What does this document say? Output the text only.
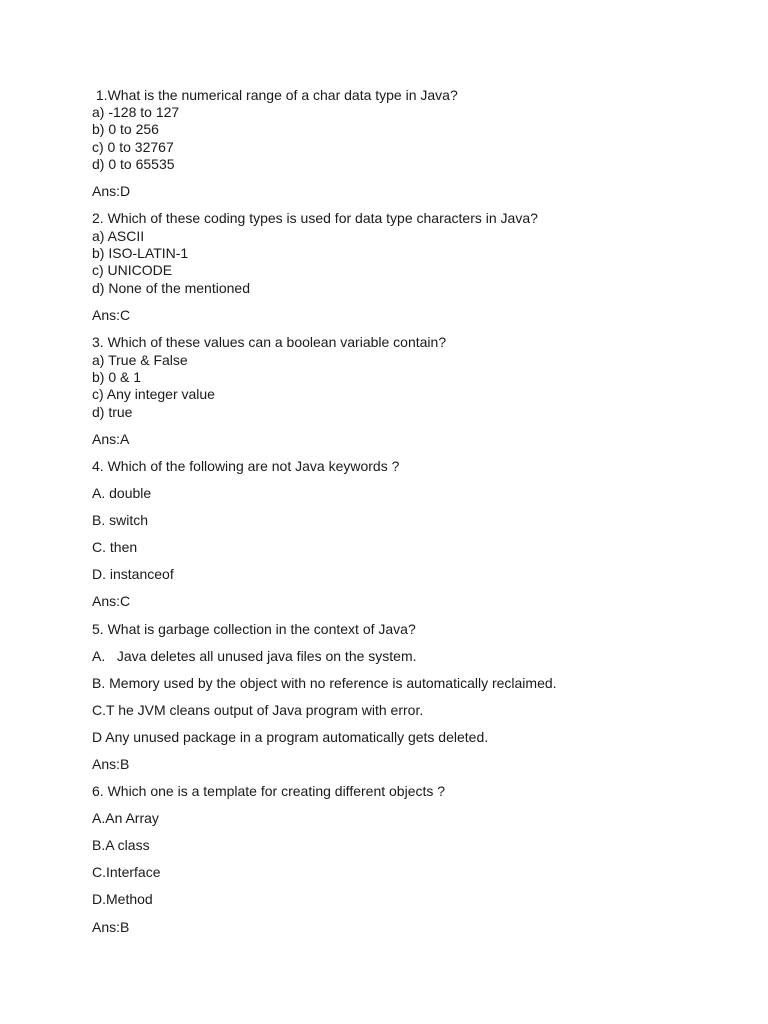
1.What is the numerical range of a char data type in Java?
a) -128 to 127
b) 0 to 256
c) 0 to 32767
d) 0 to 65535
Ans:D
2. Which of these coding types is used for data type characters in Java?
a) ASCII
b) ISO-LATIN-1
c) UNICODE
d) None of the mentioned
Ans:C
3. Which of these values can a boolean variable contain?
a) True & False
b) 0 & 1
c) Any integer value
d) true
Ans:A
4. Which of the following are not Java keywords ?
A. double
B. switch
C. then
D. instanceof
Ans:C
5. What is garbage collection in the context of Java?
A.   Java deletes all unused java files on the system.
B. Memory used by the object with no reference is automatically reclaimed.
C.T he JVM cleans output of Java program with error.
D Any unused package in a program automatically gets deleted.
Ans:B
6. Which one is a template for creating different objects ?
A.An Array
B.A class
C.Interface
D.Method
Ans:B
